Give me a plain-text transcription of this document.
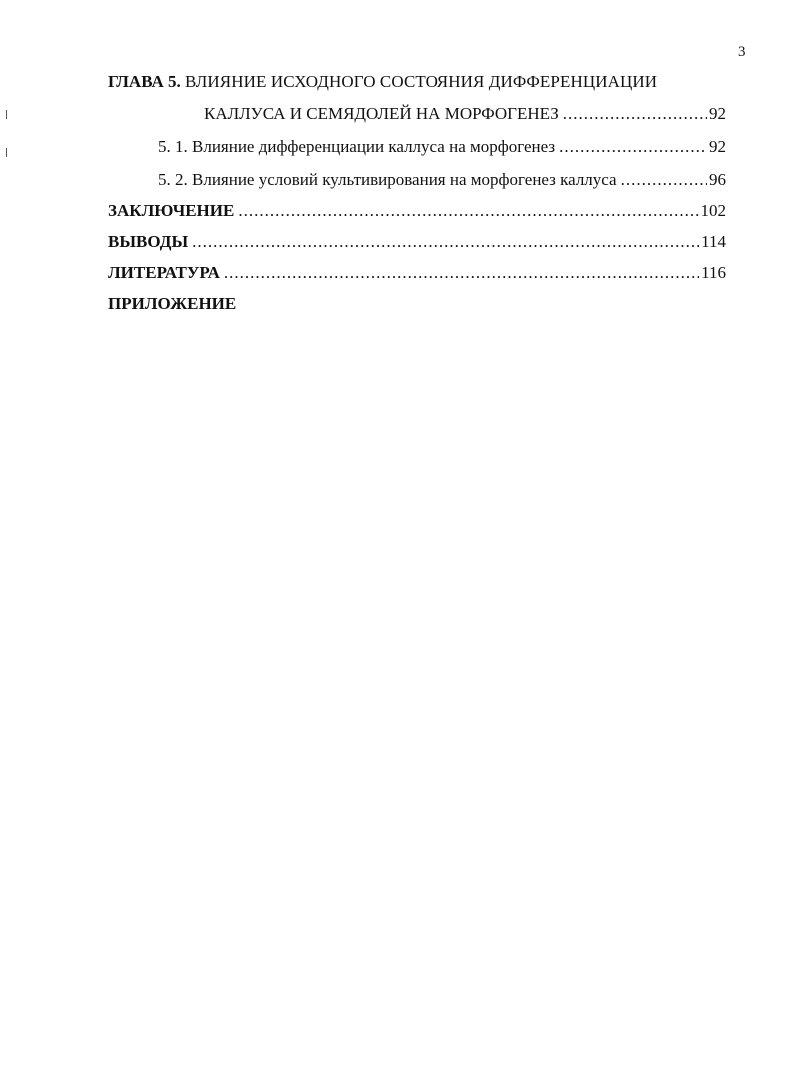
3
ГЛАВА 5.
ВЛИЯНИЕ ИСХОДНОГО СОСТОЯНИЯ ДИФФЕРЕНЦИАЦИИ
КАЛЛУСА И СЕМЯДОЛЕЙ НА МОРФОГЕНЕЗ .....	92
5. 1. Влияние дифференциации каллуса на морфогенез .....	92
5. 2. Влияние условий культивирования на морфогенез каллуса .....	96
ЗАКЛЮЧЕНИЕ .....	102
ВЫВОДЫ .....	114
ЛИТЕРАТУРА .....	116
ПРИЛОЖЕНИЕ
